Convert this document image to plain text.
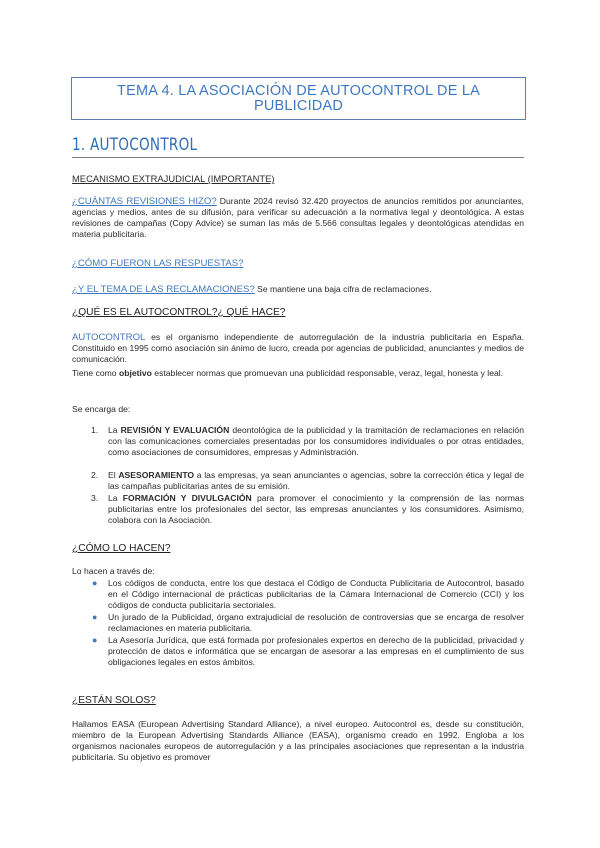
TEMA 4. LA ASOCIACIÓN DE AUTOCONTROL DE LA PUBLICIDAD
1. AUTOCONTROL
MECANISMO EXTRAJUDICIAL (IMPORTANTE)
¿CUÁNTAS REVISIONES HIZO? Durante 2024 revisó 32.420 proyectos de anuncios remitidos por anunciantes, agencias y medios, antes de su difusión, para verificar su adecuación a la normativa legal y deontológica. A estas revisiones de campañas (Copy Advice) se suman las más de 5.566 consultas legales y deontológicas atendidas en materia publicitaria.
¿CÓMO FUERON LAS RESPUESTAS?
¿Y EL TEMA DE LAS RECLAMACIONES? Se mantiene una baja cifra de reclamaciones.
¿QUÉ ES EL AUTOCONTROL?¿ QUÉ HACE?
AUTOCONTROL es el organismo independiente de autorregulación de la industria publicitaria en España. Constituido en 1995 como asociación sin ánimo de lucro, creada por agencias de publicidad, anunciantes y medios de comunicación.
Tiene como objetivo establecer normas que promuevan una publicidad responsable, veraz, legal, honesta y leal.
Se encarga de:
1. La REVISIÓN Y EVALUACIÓN deontológica de la publicidad y la tramitación de reclamaciones en relación con las comunicaciones comerciales presentadas por los consumidores individuales o por otras entidades, como asociaciones de consumidores, empresas y Administración.
2. El ASESORAMIENTO a las empresas, ya sean anunciantes o agencias, sobre la corrección ética y legal de las campañas publicitarias antes de su emisión.
3. La FORMACIÓN Y DIVULGACIÓN para promover el conocimiento y la comprensión de las normas publicitarias entre los profesionales del sector, las empresas anunciantes y los consumidores. Asimismo, colabora con la Asociación.
¿CÓMO LO HACEN?
Lo hacen a través de:
● Los códigos de conducta, entre los que destaca el Código de Conducta Publicitaria de Autocontrol, basado en el Código internacional de prácticas publicitarias de la Cámara Internacional de Comercio (CCI) y los códigos de conducta publicitaria sectoriales.
● Un jurado de la Publicidad, órgano extrajudicial de resolución de controversias que se encarga de resolver reclamaciones en materia publicitaria.
● La Asesoría Jurídica, que está formada por profesionales expertos en derecho de la publicidad, privacidad y protección de datos e informática que se encargan de asesorar a las empresas en el cumplimiento de sus obligaciones legales en estos ámbitos.
¿ESTÁN SOLOS?
Hallamos EASA (European Advertising Standard Alliance), a nivel europeo. Autocontrol es, desde su constitución, miembro de la European Advertising Standards Alliance (EASA), organismo creado en 1992. Engloba a los organismos nacionales europeos de autorregulación y a las principales asociaciones que representan a la industria publicitaria. Su objetivo es promover
